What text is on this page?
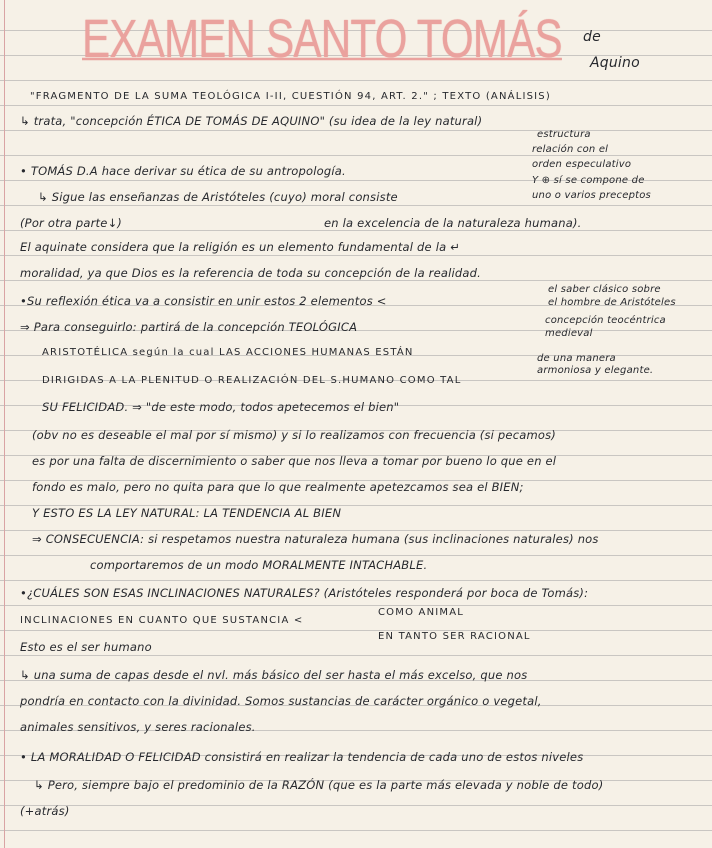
EXAMEN SANTO TOMÁS de
Aquino
"FRAGMENTO DE LA SUMA TEOLÓGICA I-II, CUESTIÓN 94, ART. 2." ; TEXTO (ANÁLISIS)
↳ trata, "concepción ÉTICA DE TOMÁS DE AQUINO" (su idea de la ley natural)
estructura
relación con el
orden especulativo
Y ⊕ sí se compone de
uno o varios preceptos
• TOMÁS D.A hace derivar su ética de su antropología.
↳ Sigue las enseñanzas de Aristóteles (cuyo) moral consiste
(Por otra parte↓)	en la excelencia de la naturaleza humana).
El aquinate considera que la religión es un elemento fundamental de la ↵
moralidad, ya que Dios es la referencia de toda su concepción de la realidad.
•Su reflexión ética va a consistir en unir estos 2 elementos <
el saber clásico sobre
el hombre de Aristóteles
concepción teocéntrica
medieval
de una manera
armoniosa y elegante.
⇒ Para conseguirlo: partirá de la concepción TEOLÓGICA
ARISTOTÉLICA según la cual LAS ACCIONES HUMANAS ESTÁN
DIRIGIDAS A LA PLENITUD O REALIZACIÓN DEL S.HUMANO COMO TAL
SU FELICIDAD. ⇒ "de este modo, todos apetecemos el bien"
(obv no es deseable el mal por sí mismo) y si lo realizamos con frecuencia (si pecamos)
es por una falta de discernimiento o saber que nos lleva a tomar por bueno lo que en el
fondo es malo, pero no quita para que lo que realmente apetezcamos sea el BIEN;
Y ESTO ES LA LEY NATURAL: LA TENDENCIA AL BIEN
⇒ CONSECUENCIA: si respetamos nuestra naturaleza humana (sus inclinaciones naturales) nos
comportaremos de un modo MORALMENTE INTACHABLE.
•¿CUÁLES SON ESAS INCLINACIONES NATURALES? (Aristóteles responderá por boca de Tomás):
INCLINACIONES EN CUANTO QUE SUSTANCIA <
COMO ANIMAL
EN TANTO SER RACIONAL
Esto es el ser humano
↳ una suma de capas desde el nvl. más básico del ser hasta el más excelso, que nos
pondría en contacto con la divinidad. Somos sustancias de carácter orgánico o vegetal,
animales sensitivos, y seres racionales.
• LA MORALIDAD O FELICIDAD consistirá en realizar la tendencia de cada uno de estos niveles
↳ Pero, siempre bajo el predominio de la RAZÓN (que es la parte más elevada y noble de todo)
(+atrás)
